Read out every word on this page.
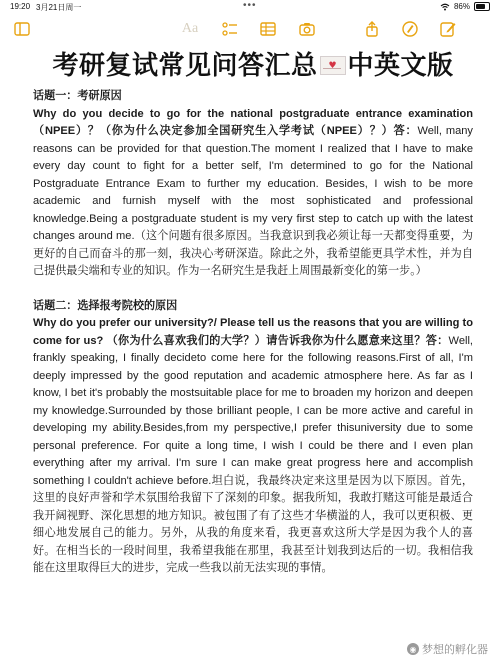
19:20 3月21日周一	•••	86%
Aa
考研复试常见问答汇总 ♥ 中英文版
话题一：考研原因
Why do you decide to go for the national postgraduate entrance examination（NPEE）？（你为什么决定参加全国研究生入学考试（NPEE）？）答：Well, many reasons can be provided for that question.The moment I realized that I have to make every day count to fight for a better self, I'm determined to go for the National Postgraduate Entrance Exam to further my education. Besides, I wish to be more academic and furnish myself with the most sophisticated and professional knowledge.Being a postgraduate student is my very first step to catch up with the latest changes around me.（这个问题有很多原因。当我意识到我必须让每一天都变得重要，为更好的自己而奋斗的那一刻，我决心考研深造。除此之外，我希望能更具学术性，并为自己提供最尖端和专业的知识。作为一名研究生是我赶上周围最新变化的第一步。）
话题二：选择报考院校的原因
Why do you prefer our university?/ Please tell us the reasons that you are willing to come for us? （你为什么喜欢我们的大学？）请告诉我你为什么愿意来这里？答：Well, frankly speaking, I finally decideto come here for the following reasons.First of all, I'm deeply impressed by the good reputation and academic atmosphere here. As far as I know, I bet it's probably the mostsuitable place for me to broaden my horizon and deepen my knowledge.Surrounded by those brilliant people, I can be more active and careful in developing my ability.Besides,from my perspective,I prefer thisuniversity due to some personal preference. For quite a long time, I wish I could be there and I even plan everything after my arrival. I'm sure I can make great progress here and accomplish something I couldn't achieve before.坦白说，我最终决定来这里是因为以下原因。首先，这里的良好声誉和学术氛围给我留下了深刻的印象。据我所知，我敢打赌这可能是最适合我开阔视野、深化思想的地方知识。被包围了有了这些才华横溢的人，我可以更积极、更细心地发展自己的能力。另外，从我的角度来看，我更喜欢这所大学是因为我个人的喜好。在相当长的一段时间里，我希望我能在那里，我甚至计划我到达后的一切。我相信我能在这里取得巨大的进步，完成一些我以前无法实现的事情。
◉ 梦想的孵化器
